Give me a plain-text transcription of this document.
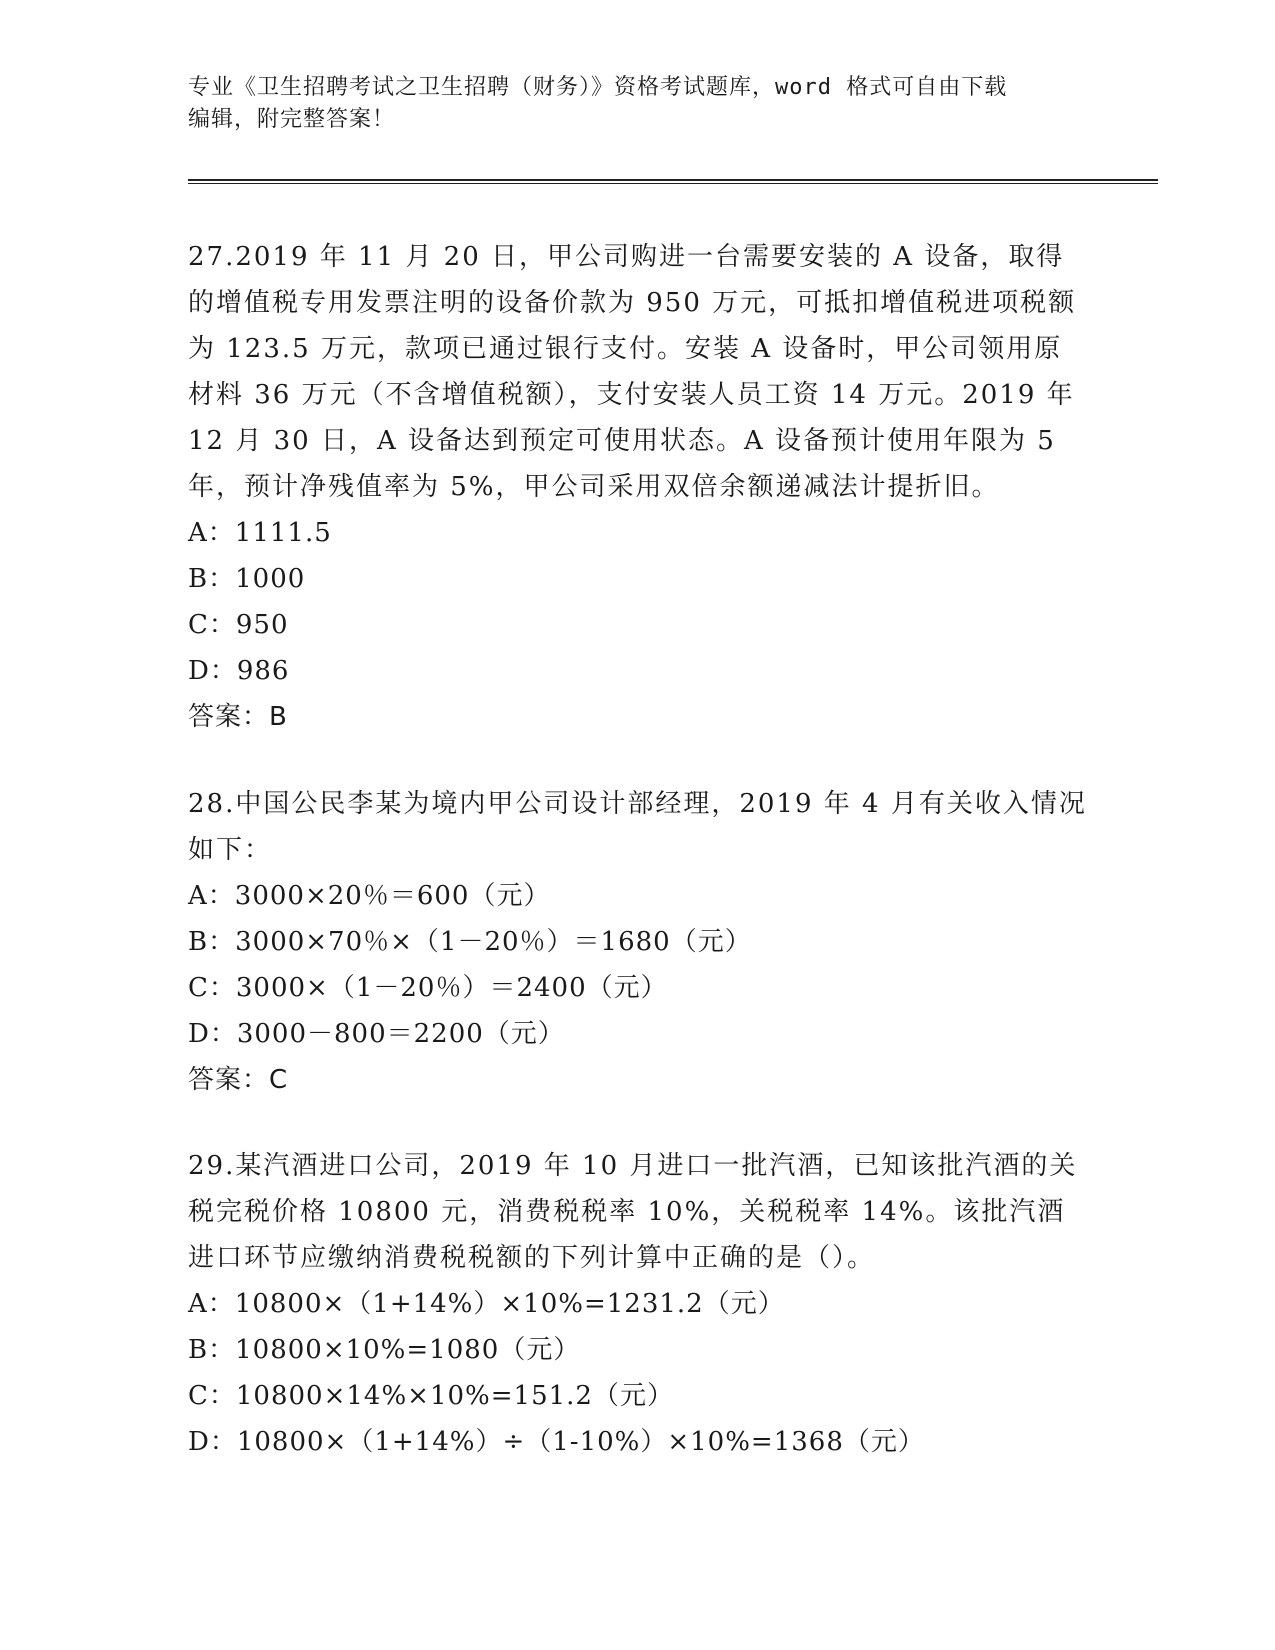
专业《卫生招聘考试之卫生招聘（财务）》资格考试题库，word 格式可自由下载
编辑，附完整答案！

27.2019 年 11 月 20 日，甲公司购进一台需要安装的 A 设备，取得的增值税专用发票注明的设备价款为 950 万元，可抵扣增值税进项税额为 123.5 万元，款项已通过银行支付。安装 A 设备时，甲公司领用原材料 36 万元（不含增值税额），支付安装人员工资 14 万元。2019 年 12 月 30 日，A 设备达到预定可使用状态。A 设备预计使用年限为 5 年，预计净残值率为 5%，甲公司采用双倍余额递减法计提折旧。

A：1111.5

B：1000

C：950

D：986

答案：B

28.中国公民李某为境内甲公司设计部经理，2019 年 4 月有关收入情况如下：

A：3000×20％＝600（元）

B：3000×70％×（1－20％）＝1680（元）

C：3000×（1－20％）＝2400（元）

D：3000－800＝2200（元）

答案：C

29.某汽酒进口公司，2019 年 10 月进口一批汽酒，已知该批汽酒的关税完税价格 10800 元，消费税税率 10%，关税税率 14%。该批汽酒进口环节应缴纳消费税税额的下列计算中正确的是（）。

A：10800×（1+14%）×10%=1231.2（元）

B：10800×10%=1080（元）

C：10800×14%×10%=151.2（元）

D：10800×（1+14%）÷（1-10%）×10%=1368（元）
